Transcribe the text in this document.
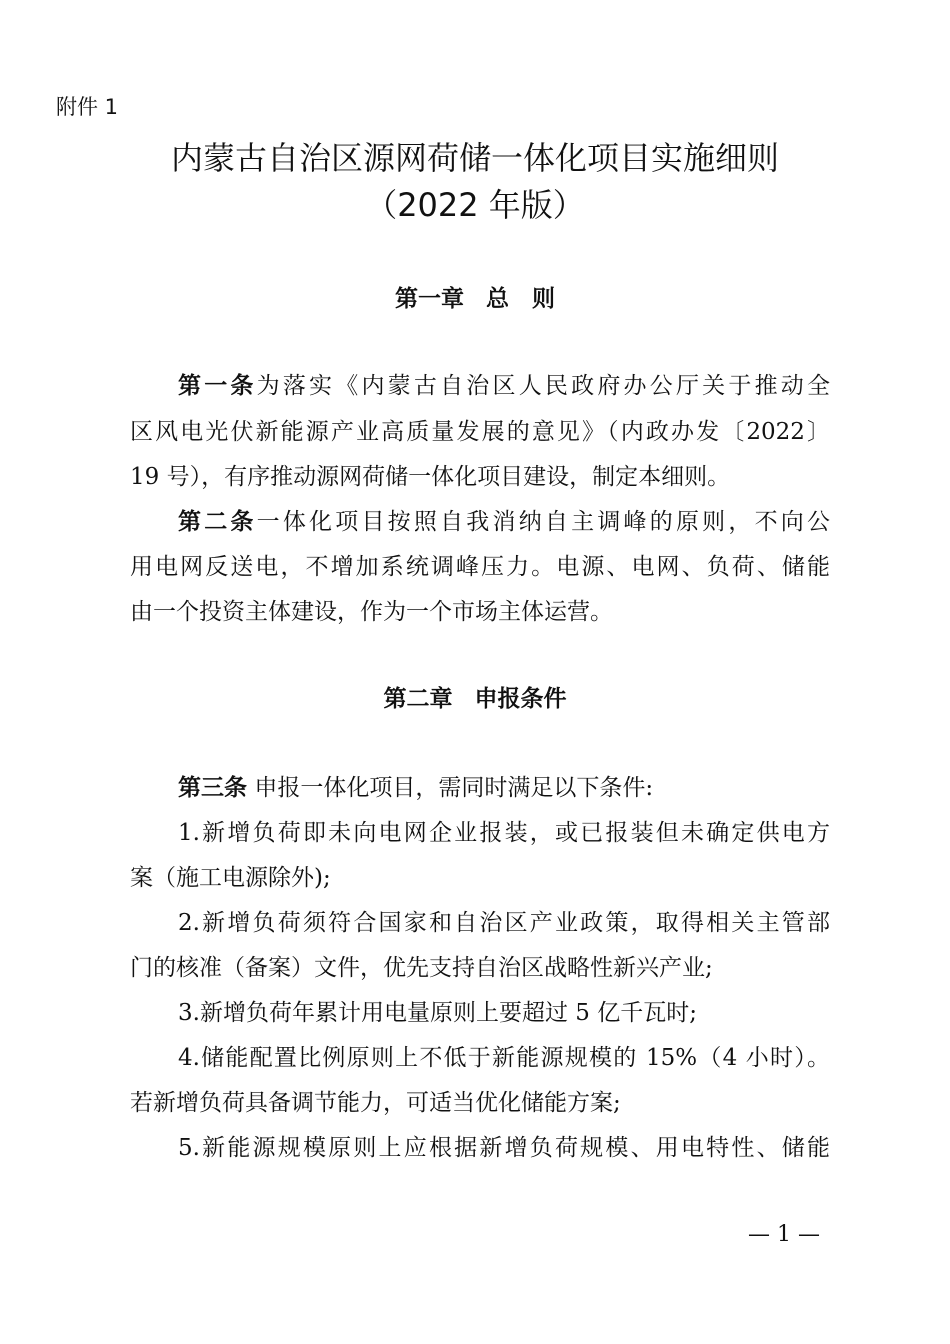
附件 1

内蒙古自治区源网荷储一体化项目实施细则
（2022 年版）
第一章 总　则

第一条为落实《内蒙古自治区人民政府办公厅关于推动全

区风电光伏新能源产业高质量发展的意见》（内政办发〔2022〕

19 号），有序推动源网荷储一体化项目建设，制定本细则。

第二条一体化项目按照自我消纳自主调峰的原则，不向公

用电网反送电，不增加系统调峰压力。电源、电网、负荷、储能

由一个投资主体建设，作为一个市场主体运营。

第二章 申报条件

第三条 申报一体化项目，需同时满足以下条件:

1.新增负荷即未向电网企业报装，或已报装但未确定供电方

案（施工电源除外);

2.新增负荷须符合国家和自治区产业政策，取得相关主管部

门的核准（备案）文件，优先支持自治区战略性新兴产业;

3.新增负荷年累计用电量原则上要超过 5 亿千瓦时;

4.储能配置比例原则上不低于新能源规模的 15%（4 小时）。

若新增负荷具备调节能力，可适当优化储能方案;

5.新能源规模原则上应根据新增负荷规模、用电特性、储能

— 1 —
